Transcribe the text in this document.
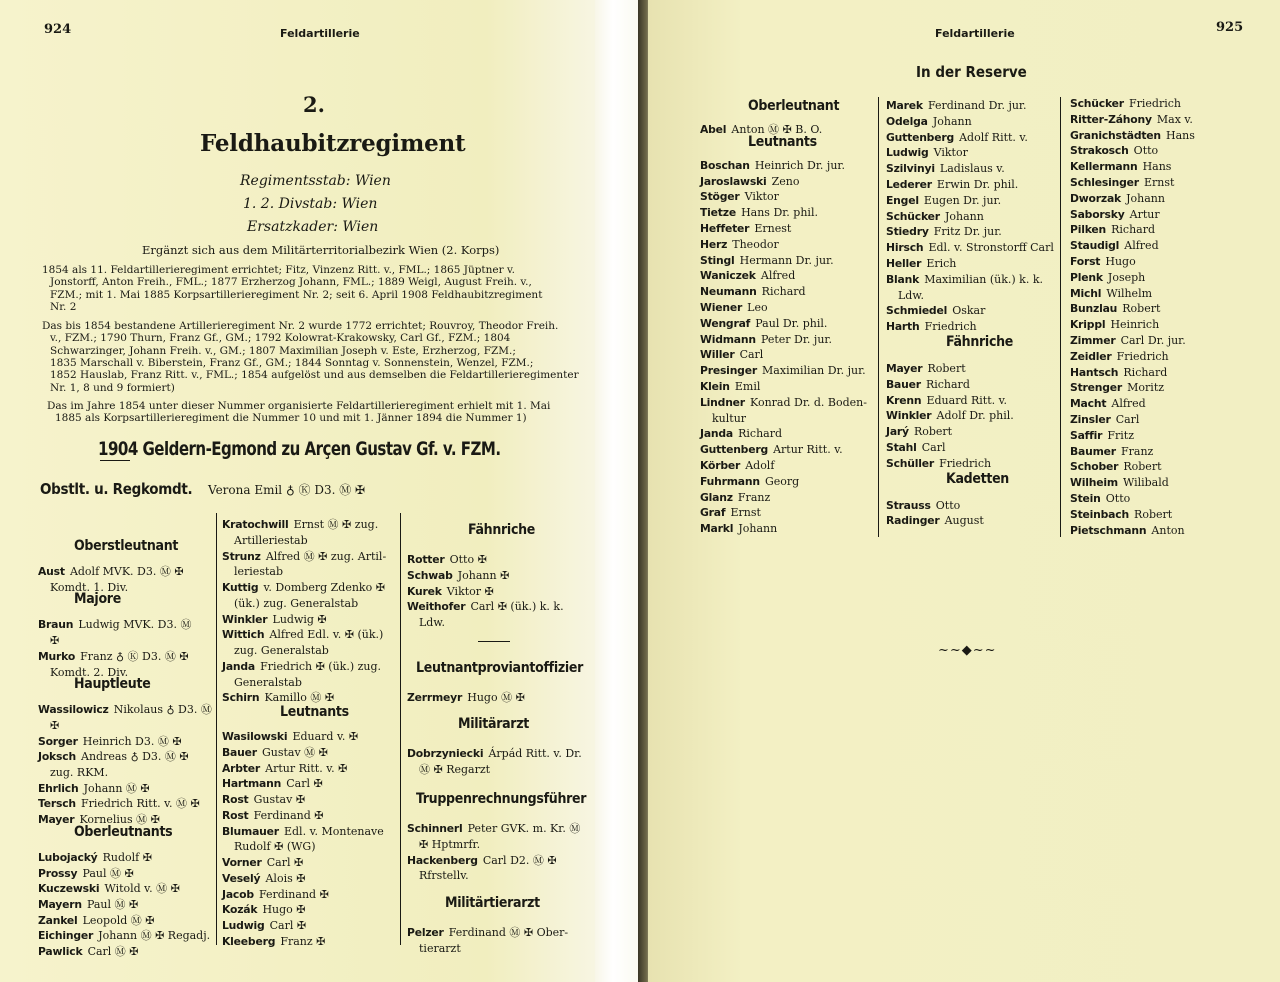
924	Feldartillerie
2.
Feldhaubitzregiment
Regimentsstab: Wien
1. 2. Divstab: Wien
Ersatzkader: Wien
Ergänzt sich aus dem Militärterritorialbezirk Wien (2. Korps)
1854 als 11. Feldartillerieregiment errichtet; Fitz, Vinzenz Ritt. v., FML.; 1865 Jüptner v.
Jonstorff, Anton Freih., FML.; 1877 Erzherzog Johann, FML.; 1889 Weigl, August Freih. v.,
FZM.; mit 1. Mai 1885 Korpsartillerieregiment Nr. 2; seit 6. April 1908 Feldhaubitzregiment
Nr. 2
Das bis 1854 bestandene Artillerieregiment Nr. 2 wurde 1772 errichtet; Rouvroy, Theodor Freih.
v., FZM.; 1790 Thurn, Franz Gf., GM.; 1792 Kolowrat-Krakowsky, Carl Gf., FZM.; 1804
Schwarzinger, Johann Freih. v., GM.; 1807 Maximilian Joseph v. Este, Erzherzog, FZM.;
1835 Marschall v. Biberstein, Franz Gf., GM.; 1844 Sonntag v. Sonnenstein, Wenzel, FZM.;
1852 Hauslab, Franz Ritt. v., FML.; 1854 aufgelöst und aus demselben die Feldartillerieregimenter
Nr. 1, 8 und 9 formiert)
Das im Jahre 1854 unter dieser Nummer organisierte Feldartillerieregiment erhielt mit 1. Mai
1885 als Korpsartillerieregiment die Nummer 10 und mit 1. Jänner 1894 die Nummer 1)
1904 Geldern-Egmond zu Arçen Gustav Gf. v. FZM.
Obstlt. u. Regkomdt. Verona Emil ♁ Ⓚ D3. Ⓜ ✠
Oberstleutnant
Aust Adolf MVK. D3. Ⓜ ✠
Komdt. 1. Div.
Majore
Braun Ludwig MVK. D3. Ⓜ
✠
Murko Franz ♁ Ⓚ D3. Ⓜ ✠
Komdt. 2. Div.
Hauptleute
Wassilowicz Nikolaus ♁ D3. Ⓜ
✠
Sorger Heinrich D3. Ⓜ ✠
Joksch Andreas ♁ D3. Ⓜ ✠
zug. RKM.
Ehrlich Johann Ⓜ ✠
Tersch Friedrich Ritt. v. Ⓜ ✠
Mayer Kornelius Ⓜ ✠
Oberleutnants
Lubojacký Rudolf ✠
Prossy Paul Ⓜ ✠
Kuczewski Witold v. Ⓜ ✠
Mayern Paul Ⓜ ✠
Zankel Leopold Ⓜ ✠
Eichinger Johann Ⓜ ✠ Regadj.
Pawlick Carl Ⓜ ✠
Kratochwill Ernst Ⓜ ✠ zug.
Artilleriestab
Strunz Alfred Ⓜ ✠ zug. Artil-
leriestab
Kuttig v. Domberg Zdenko ✠
(ük.) zug. Generalstab
Winkler Ludwig ✠
Wittich Alfred Edl. v. ✠ (ük.)
zug. Generalstab
Janda Friedrich ✠ (ük.) zug.
Generalstab
Schirn Kamillo Ⓜ ✠
Leutnants
Wasilowski Eduard v. ✠
Bauer Gustav Ⓜ ✠
Arbter Artur Ritt. v. ✠
Hartmann Carl ✠
Rost Gustav ✠
Rost Ferdinand ✠
Blumauer Edl. v. Montenave
Rudolf ✠ (WG)
Vorner Carl ✠
Veselý Alois ✠
Jacob Ferdinand ✠
Kozák Hugo ✠
Ludwig Carl ✠
Kleeberg Franz ✠
Fähnriche
Rotter Otto ✠
Schwab Johann ✠
Kurek Viktor ✠
Weithofer Carl ✠ (ük.) k. k.
Ldw.
Leutnantproviantoffizier
Zerrmeyr Hugo Ⓜ ✠
Militärarzt
Dobrzyniecki Árpád Ritt. v. Dr.
Ⓜ ✠ Regarzt
Truppenrechnungsführer
Schinnerl Peter GVK. m. Kr. Ⓜ
✠ Hptmrfr.
Hackenberg Carl D2. Ⓜ ✠
Rfrstellv.
Militärtierarzt
Pelzer Ferdinand Ⓜ ✠ Ober-
tierarzt
925
Feldartillerie
In der Reserve
Oberleutnant
Abel Anton Ⓜ ✠ B. O.
Leutnants
Boschan Heinrich Dr. jur.
Jaroslawski Zeno
Stöger Viktor
Tietze Hans Dr. phil.
Heffeter Ernest
Herz Theodor
Stingl Hermann Dr. jur.
Waniczek Alfred
Neumann Richard
Wiener Leo
Wengraf Paul Dr. phil.
Widmann Peter Dr. jur.
Willer Carl
Presinger Maximilian Dr. jur.
Klein Emil
Lindner Konrad Dr. d. Boden-
kultur
Janda Richard
Guttenberg Artur Ritt. v.
Körber Adolf
Fuhrmann Georg
Glanz Franz
Graf Ernst
Markl Johann
Marek Ferdinand Dr. jur.
Odelga Johann
Guttenberg Adolf Ritt. v.
Ludwig Viktor
Szilvinyi Ladislaus v.
Lederer Erwin Dr. phil.
Engel Eugen Dr. jur.
Schücker Johann
Stiedry Fritz Dr. jur.
Hirsch Edl. v. Stronstorff Carl
Heller Erich
Blank Maximilian (ük.) k. k.
Ldw.
Schmiedel Oskar
Harth Friedrich
Fähnriche
Mayer Robert
Bauer Richard
Krenn Eduard Ritt. v.
Winkler Adolf Dr. phil.
Jarý Robert
Stahl Carl
Schüller Friedrich
Kadetten
Strauss Otto
Radinger August
Schücker Friedrich
Ritter-Záhony Max v.
Granichstädten Hans
Strakosch Otto
Kellermann Hans
Schlesinger Ernst
Dworzak Johann
Saborsky Artur
Pilken Richard
Staudigl Alfred
Forst Hugo
Plenk Joseph
Michl Wilhelm
Bunzlau Robert
Krippl Heinrich
Zimmer Carl Dr. jur.
Zeidler Friedrich
Hantsch Richard
Strenger Moritz
Macht Alfred
Zinsler Carl
Saffir Fritz
Baumer Franz
Schober Robert
Wilheim Wilibald
Stein Otto
Steinbach Robert
Pietschmann Anton
~~◆~~
